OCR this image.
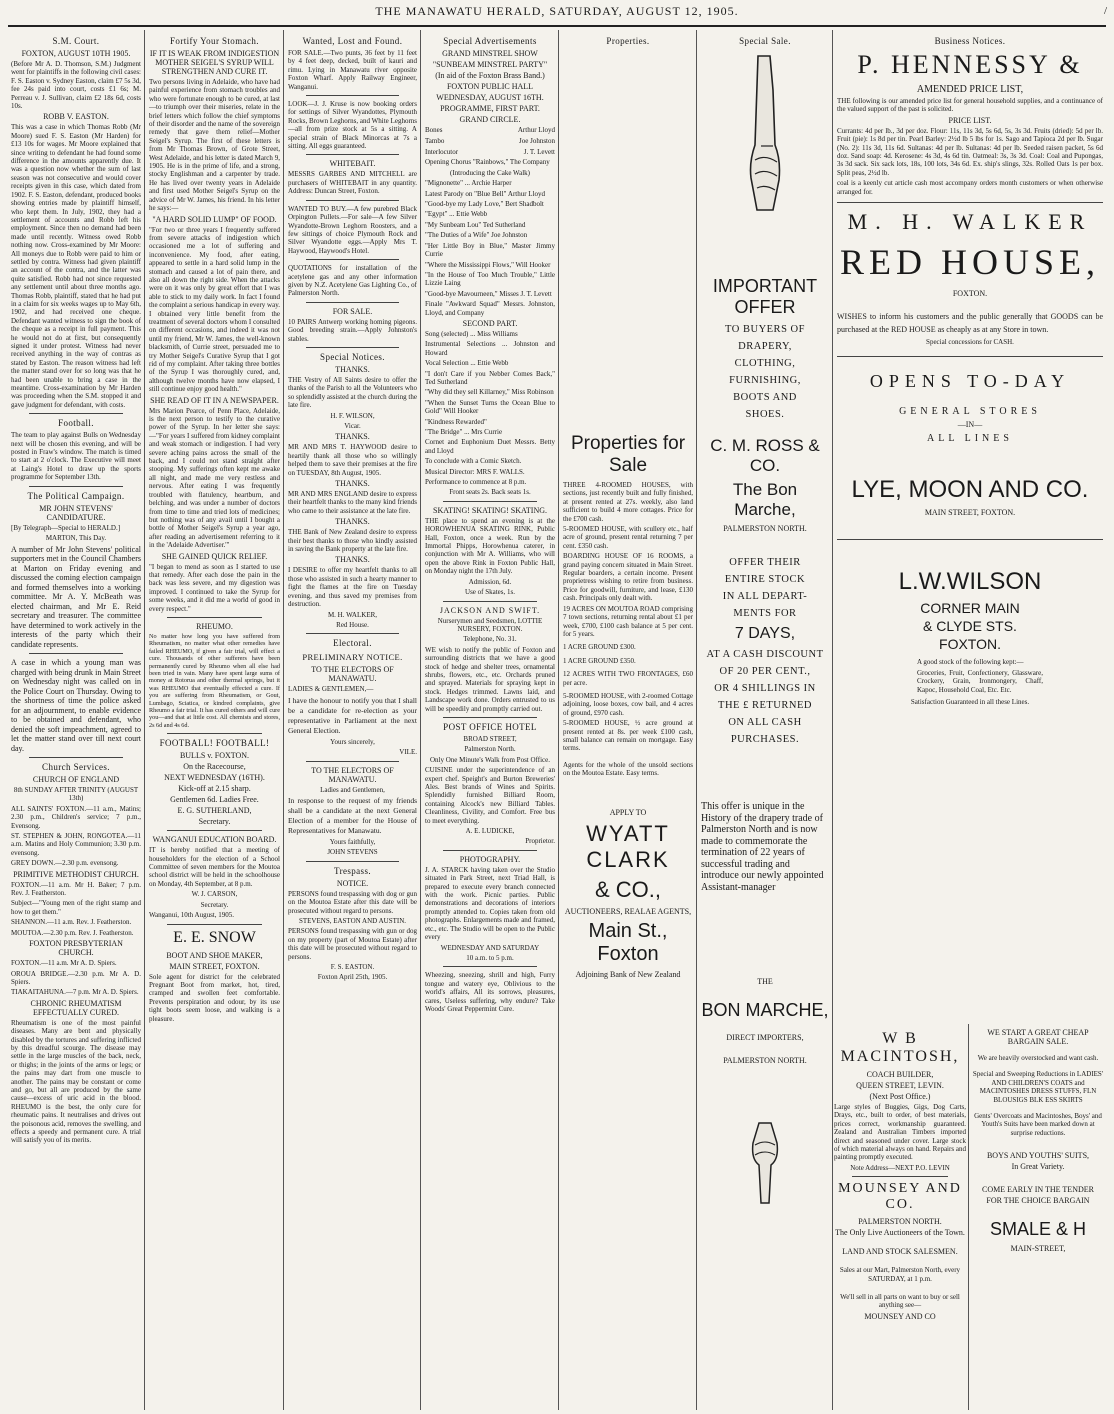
THE MANAWATU HERALD, SATURDAY, AUGUST 12, 1905.	/
S.M. Court.
FOXTON, AUGUST 10TH 1905.

(Before Mr A. D. Thomson, S.M.) Judgment went for plaintiffs in the following civil cases: F. S. Easton v. Sydney Easton, claim £7 5s 3d, fee 24s paid into court, costs £1 6s; M. Perreau v. J. Sullivan, claim £2 18s 6d, costs 10s.

ROBB V. EASTON.

This was a case in which Thomas Robb (Mr Moore) sued F. S. Easton (Mr Harden) for £13 10s for wages. Mr Moore explained that since writing to defendant he had found some difference in the amounts apparently due. It was a question now whether the sum of last season was not consecutive and would cover receipts given in this case, which dated from 1902. F. S. Easton, defendant, produced books showing entries made by plaintiff himself, who kept them. In July, 1902, they had a settlement of accounts and Robb left his employment. Since then no demand had been made until recently. Witness owed Robb nothing now. Cross-examined by Mr Moore: All moneys due to Robb were paid to him or settled by contra. Witness had given plaintiff an account of the contra, and the latter was quite satisfied. Robb had not since requested any settlement until about three months ago. Thomas Robb, plaintiff, stated that he had put in a claim for six weeks wages up to May 6th, 1902, and had received one cheque. Defendant wanted witness to sign the book of the cheque as a receipt in full payment. This he would not do at first, but consequently signed it under protest. Witness had never received anything in the way of contras as stated by Easton. The reason witness had left the matter stand over for so long was that he had been unable to bring a case in the meantime. Cross-examination by Mr Harden was proceeding when the S.M. stopped it and gave judgment for defendant, with costs.

Football.

The team to play against Bulls on Wednesday next will be chosen this evening, and will be posted in Fraw's window. The match is timed to start at 2 o'clock. The Executive will meet at Laing's Hotel to draw up the sports programme for September 13th.

The Political Campaign.
MR JOHN STEVENS' CANDIDATURE.

[By Telegraph—Special to HERALD.]

MARTON, This Day.

A number of Mr John Stevens' political supporters met in the Council Chambers at Marton on Friday evening and discussed the coming election campaign and formed themselves into a working committee. Mr A. Y. McBeath was elected chairman, and Mr E. Reid secretary and treasurer. The committee have determined to work actively in the interests of the party which their candidate represents.

A case in which a young man was charged with being drunk in Main Street on Wednesday night was called on in the Police Court on Thursday. Owing to the shortness of time the police asked for an adjournment, to enable evidence to be obtained and defendant, who denied the soft impeachment, agreed to let the matter stand over till next court day.

Church Services.
CHURCH OF ENGLAND

8th SUNDAY AFTER TRINITY (AUGUST 13th)

ALL SAINTS' FOXTON.—11 a.m., Matins; 2.30 p.m., Children's service; 7 p.m., Evensong.

ST. STEPHEN & JOHN, RONGOTEA.—11 a.m. Matins and Holy Communion; 3.30 p.m. evensong.

GREY DOWN.—2.30 p.m. evensong.

PRIMITIVE METHODIST CHURCH.

FOXTON.—11 a.m. Mr H. Baker; 7 p.m. Rev. J. Featherston.

Subject—"Young men of the right stamp and how to get them."

SHANNON.—11 a.m. Rev. J. Featherston.

MOUTOA.—2.30 p.m. Rev. J. Featherston.

FOXTON PRESBYTERIAN CHURCH.

FOXTON.—11 a.m. Mr A. D. Spiers.

OROUA BRIDGE.—2.30 p.m. Mr A. D. Spiers.

TIAKAITAHUNA.—7 p.m. Mr A. D. Spiers.

CHRONIC RHEUMATISM EFFECTUALLY CURED.

Rheumatism is one of the most painful diseases. Many are bent and physically disabled by the tortures and suffering inflicted by this dreadful scourge. The disease may settle in the large muscles of the back, neck, or thighs; in the joints of the arms or legs; or the pains may dart from one muscle to another. The pains may be constant or come and go, but all are produced by the same cause—excess of uric acid in the blood. RHEUMO is the best, the only cure for rheumatic pains. It neutralises and drives out the poisonous acid, removes the swelling, and effects a speedy and permanent cure. A trial will satisfy you of its merits.

Fortify Your Stomach.
IF IT IS WEAK FROM INDIGESTION MOTHER SEIGEL'S SYRUP WILL STRENGTHEN AND CURE IT.

Two persons living in Adelaide, who have had painful experience from stomach troubles and who were fortunate enough to be cured, at last —to triumph over their miseries, relate in the brief letters which follow the chief symptoms of their disorder and the name of the sovereign remedy that gave them relief—Mother Seigel's Syrup. The first of these letters is from Mr Thomas Brown, of Grote Street, West Adelaide, and his letter is dated March 9, 1905. He is in the prime of life, and a strong, stocky Englishman and a carpenter by trade. He has lived over twenty years in Adelaide and first used Mother Seigel's Syrup on the advice of Mr W. James, his friend. In his letter he says:—

"A HARD SOLID LUMP" OF FOOD.

"For two or three years I frequently suffered from severe attacks of indigestion which occasioned me a lot of suffering and inconvenience. My food, after eating, appeared to settle in a hard solid lump in the stomach and caused a lot of pain there, and also all down the right side. When the attacks were on it was only by great effort that I was able to stick to my daily work. In fact I found the complaint a serious handicap in every way. I obtained very little benefit from the treatment of several doctors whom I consulted on different occasions, and indeed it was not until my friend, Mr W. James, the well-known blacksmith, of Currie street, persuaded me to try Mother Seigel's Curative Syrup that I got rid of my complaint. After taking three bottles of the Syrup I was thoroughly cured, and, although twelve months have now elapsed, I still continue enjoy good health."

SHE READ OF IT IN A NEWSPAPER.

Mrs Marion Pearce, of Penn Place, Adelaide, is the next person to testify to the curative power of the Syrup. In her letter she says:—"For years I suffered from kidney complaint and weak stomach or indigestion. I had very severe aching pains across the small of the back, and I could not stand straight after stooping. My sufferings often kept me awake all night, and made me very restless and nervous. After eating I was frequently troubled with flatulency, heartburn, and belching, and was under a number of doctors from time to time and tried lots of medicines; but nothing was of any avail until I bought a bottle of Mother Seigel's Syrup a year ago, after reading an advertisement referring to it in the 'Adelaide Advertiser.'"

SHE GAINED QUICK RELIEF.

"I began to mend as soon as I started to use that remedy. After each dose the pain in the back was less severe, and my digestion was improved. I continued to take the Syrup for some weeks, and it did me a world of good in every respect."

RHEUMO.

No matter how long you have suffered from Rheumatism, no matter what other remedies have failed RHEUMO, if given a fair trial, will effect a cure. Thousands of other sufferers have been permanently cured by Rheumo when all else had been tried in vain. Many have spent large sums of money at Rotorua and other thermal springs, but it was RHEUMO that eventually effected a cure. If you are suffering from Rheumatism, or Gout, Lumbago, Sciatica, or kindred complaints, give Rheumo a fair trial. It has cured others and will cure you—and that at little cost. All chemists and stores, 2s 6d and 4s 6d.

FOOTBALL! FOOTBALL!
BULLS v. FOXTON.
On the Racecourse,
NEXT WEDNESDAY (16TH).
Kick-off at 2.15 sharp.
Gentlemen 6d. Ladies Free.
E. G. SUTHERLAND,
Secretary.
WANGANUI EDUCATION BOARD.

IT is hereby notified that a meeting of householders for the election of a School Committee of seven members for the Moutoa school district will be held in the schoolhouse on Monday, 4th September, at 8 p.m.

W. J. CARSON,

Secretary.

Wanganui, 10th August, 1905.

E. E. SNOW
BOOT AND SHOE MAKER,
MAIN STREET, FOXTON.

Sole agent for district for the celebrated Pregnant Boot from market, hot, tired, cramped and swollen feet comfortable. Prevents perspiration and odour, by its use tight boots seem loose, and walking is a pleasure.

Wanted, Lost and Found.

FOR SALE.—Two punts, 36 feet by 11 feet by 4 feet deep, decked, built of kauri and rimu. Lying in Manawatu river opposite Foxton Wharf. Apply Railway Engineer, Wanganui.

LOOK—J. J. Kruse is now booking orders for settings of Silver Wyandottes, Plymouth Rocks, Brown Leghorns, and White Leghorns—all from prize stock at 5s a sitting. A special strain of Black Minorcas at 7s a sitting. All eggs guaranteed.

WHITEBAIT.

MESSRS GARBES AND MITCHELL are purchasers of WHITEBAIT in any quantity. Address: Duncan Street, Foxton.

WANTED TO BUY.—A few purebred Black Orpington Pullets.—For sale—A few Silver Wyandotte-Brown Leghorn Roosters, and a few sittings of choice Plymouth Rock and Silver Wyandotte eggs.—Apply Mrs T. Haywood, Haywood's Hotel.

QUOTATIONS for installation of the acetylene gas and any other information given by N.Z. Acetylene Gas Lighting Co., of Palmerston North.

FOR SALE.

10 PAIRS Antwerp working homing pigeons. Good breeding strain.—Apply Johnston's stables.

Special Notices.
THANKS.

THE Vestry of All Saints desire to offer the thanks of the Parish to all the Volunteers who so splendidly assisted at the church during the late fire.

H. F. WILSON,

Vicar.

THANKS.

MR AND MRS T. HAYWOOD desire to heartily thank all those who so willingly helped them to save their premises at the fire on TUESDAY, 8th August, 1905.

THANKS.

MR AND MRS ENGLAND desire to express their heartfelt thanks to the many kind friends who came to their assistance at the late fire.

THANKS.

THE Bank of New Zealand desire to express their best thanks to those who kindly assisted in saving the Bank property at the late fire.

THANKS.

I DESIRE to offer my heartfelt thanks to all those who assisted in such a hearty manner to fight the flames at the fire on Tuesday evening, and thus saved my premises from destruction.

M. H. WALKER,

Red House.

Electoral.
PRELIMINARY NOTICE.
TO THE ELECTORS OF MANAWATU.

LADIES & GENTLEMEN,—

I have the honour to notify you that I shall be a candidate for re-election as your representative in Parliament at the next General Election.

Yours sincerely,

VILE.

TO THE ELECTORS OF MANAWATU.

Ladies and Gentlemen,

In response to the request of my friends shall be a candidate at the next General Election of a member for the House of Representatives for Manawatu.

Yours faithfully,

JOHN STEVENS

Trespass.
NOTICE.

PERSONS found trespassing with dog or gun on the Moutoa Estate after this date will be prosecuted without regard to persons.

STEVENS, EASTON AND AUSTIN.

PERSONS found trespassing with gun or dog on my property (part of Moutoa Estate) after this date will be prosecuted without regard to persons.

F. S. EASTON.

Foxton April 25th, 1905.

Special Advertisements
GRAND MINSTREL SHOW
"SUNBEAM MINSTREL PARTY"
(In aid of the Foxton Brass Band.)
FOXTON PUBLIC HALL
WEDNESDAY, AUGUST 16TH.
PROGRAMME, FIRST PART.
GRAND CIRCLE.

Bones	Arthur Lloyd

Tambo	Joe Johnston

Interlocutor	J. T. Levett

Opening Chorus "Rainbows," The Company

(Introducing the Cake Walk)

"Mignonette" ... Archie Harper

Latest Parody on "Blue Bell" Arthur Lloyd

"Good-bye my Lady Love," Bert Shadbolt

"Egypt" ... Ettie Webb

"My Sunbeam Lou" Ted Sutherland

"The Duties of a Wife" Joe Johnston

"Her Little Boy in Blue," Master Jimmy Currie

"Where the Mississippi Flows," Will Hooker

"In the House of Too Much Trouble," Little Lizzie Laing

"Good-bye Mavourneen," Misses J. T. Levett

Finale "Awkward Squad" Messrs. Johnston, Lloyd, and Company

SECOND PART.

Song (selected) ... Miss Williams

Instrumental Selections ... Johnston and Howard

Vocal Selection ... Ettie Webb

"I don't Care if you Nebber Comes Back," Ted Sutherland

"Why did they sell Killarney," Miss Robinson

"When the Sunset Turns the Ocean Blue to Gold" Will Hooker

"Kindness Rewarded"

"The Bridge" ... Mrs Currie

Cornet and Euphonium Duet Messrs. Betty and Lloyd

To conclude with a Comic Sketch.

Musical Director: MRS F. WALLS.

Performance to commence at 8 p.m.

Front seats 2s. Back seats 1s.

SKATING! SKATING! SKATING.

THE place to spend an evening is at the HOROWHENUA SKATING RINK, Public Hall, Foxton, once a week. Run by the Immortal Phipps, Horowhenua caterer, in conjunction with Mr A. Williams, who will open the above Rink in Foxton Public Hall, on Monday night the 17th July.

Admission, 6d.

Use of Skates, 1s.

JACKSON AND SWIFT.

Nurserymen and Seedsmen, LOTTIE NURSERY, FOXTON.

Telephone, No. 31.

WE wish to notify the public of Foxton and surrounding districts that we have a good stock of hedge and shelter trees, ornamental shrubs, flowers, etc., etc. Orchards pruned and sprayed. Materials for spraying kept in stock. Hedges trimmed. Lawns laid, and Landscape work done. Orders entrusted to us will be speedily and promptly carried out.

POST OFFICE HOTEL

BROAD STREET,

Palmerston North.

Only One Minute's Walk from Post Office.

CUISINE under the superintendence of an expert chef. Speight's and Burton Breweries' Ales. Best brands of Wines and Spirits. Splendidly furnished Billiard Room, containing Alcock's new Billiard Tables. Cleanliness, Civility, and Comfort. Free bus to meet everything.

A. E. LUDICKE,

Proprietor.

PHOTOGRAPHY.

J. A. STARCK having taken over the Studio situated in Park Street, next Triad Hall, is prepared to execute every branch connected with the work. Picnic parties. Public demonstrations and decorations of interiors promptly attended to. Copies taken from old photographs. Enlargements made and framed, etc., etc. The Studio will be open to the Public every

WEDNESDAY AND SATURDAY

10 a.m. to 5 p.m.

Wheezing, sneezing, shrill and high, Furry tongue and watery eye, Oblivious to the world's affairs, All its sorrows, pleasures, cares, Useless suffering, why endure? Take Woods' Great Peppermint Cure.

Properties.
Properties for Sale

THREE 4-ROOMED HOUSES, with sections, just recently built and fully finished, at present rented at 27s. weekly, also land sufficient to build 4 more cottages. Price for the £700 cash.

5-ROOMED HOUSE, with scullery etc., half acre of ground, present rental returning 7 per cent. £350 cash.

BOARDING HOUSE OF 16 ROOMS, a grand paying concern situated in Main Street. Regular boarders, a certain income. Present proprietress wishing to retire from business. Price for goodwill, furniture, and lease, £130 cash. Principals only dealt with.

19 ACRES ON MOUTOA ROAD comprising 7 town sections, returning rental about £1 per week, £700, £100 cash balance at 5 per cent. for 5 years.

1 ACRE GROUND £300.

1 ACRE GROUND £350.

12 ACRES WITH TWO FRONTAGES, £60 per acre.

5-ROOMED HOUSE, with 2-roomed Cottage adjoining, loose boxes, cow bail, and 4 acres of ground, £970 cash.

5-ROOMED HOUSE, ½ acre ground at present rented at 8s. per week £100 cash, small balance can remain on mortgage. Easy terms.

Agents for the whole of the unsold sections on the Moutoa Estate. Easy terms.

APPLY TO
WYATT CLARK
& CO.,
AUCTIONEERS, REALAE AGENTS,
Main St., Foxton
Adjoining Bank of New Zealand
Special Sale.
IMPORTANT OFFER
TO BUYERS OF
DRAPERY,
CLOTHING,
FURNISHING,
BOOTS AND
SHOES.
C. M. ROSS & CO.
The Bon Marche,
PALMERSTON NORTH.
OFFER THEIR
ENTIRE STOCK
IN ALL DEPART-
MENTS FOR
7 DAYS,
AT A CASH DISCOUNT
OF 20 PER CENT.,
OR 4 SHILLINGS IN
THE £ RETURNED
ON ALL CASH
PURCHASES.

This offer is unique in the History of the drapery trade of Palmerston North and is now made to commemorate the termination of 22 years of successful trading and introduce our newly appointed Assistant-manager

THE
BON MARCHE,
DIRECT IMPORTERS,
PALMERSTON NORTH.
Business Notices.
P. HENNESSY &
AMENDED PRICE LIST,

THE following is our amended price list for general household supplies, and a continuance of the valued support of the past is solicited.

PRICE LIST.

Currants: 4d per lb., 3d per doz. Flour: 11s, 11s 3d, 5s 6d, 5s, 3s 3d. Fruits (dried): 5d per lb. Fruit (pie): 1s 8d per tin. Pearl Barley: 2½d lb 5 lbs for 1s. Sago and Tapioca 2d per lb. Sugar (No. 2): 11s 3d, 11s 6d. Sultanas: 4d per lb. Sultanas: 4d per lb. Seeded raisen packet, 5s 6d doz. Sand soap: 4d. Kerosene: 4s 3d, 4s 6d tin. Oatmeal: 3s, 3s 3d. Coal: Coal and Pupongas, 3s 3d sack. Six sack lots, 18s, 100 lots, 34s 6d. Ex. ship's slings, 32s. Rolled Oats 1s per box. Split peas, 2½d lb.

coal is a keenly cut article cash most accompany orders month customers or when otherwise arranged for.

M. H. WALKER
RED HOUSE,
FOXTON.

WISHES to inform his customers and the public generally that GOODS can be purchased at the RED HOUSE as cheaply as at any Store in town.

Special concessions for CASH.

OPENS TO-DAY
GENERAL STORES
—IN—
ALL LINES
LYE, MOON AND CO.
MAIN STREET, FOXTON.
L.W.WILSON
CORNER MAIN
& CLYDE STS.
FOXTON.

A good stock of the following kept:—

Groceries, Fruit, Confectionery, Glassware, Crockery, Grain, Ironmongery, Chaff, Kapoc, Household Coal, Etc. Etc.

Satisfaction Guaranteed in all these Lines.

W B MACINTOSH,
COACH BUILDER,
QUEEN STREET, LEVIN.
(Next Post Office.)

Large styles of Buggies, Gigs, Dog Carts, Drays, etc., built to order, of best materials, prices correct, workmanship guaranteed. Zealand and Australian Timbers imported direct and seasoned under cover. Large stock of which material always on hand. Repairs and painting promptly executed.

Note Address—NEXT P.O. LEVIN

MOUNSEY AND CO.
PALMERSTON NORTH.
The Only Live Auctioneers of the Town.
LAND AND STOCK SALESMEN.

Sales at our Mart, Palmerston North, every SATURDAY, at 1 p.m.

We'll sell in all parts on want to buy or sell anything see—

MOUNSEY AND CO
WE START A GREAT CHEAP BARGAIN SALE.

We are heavily overstocked and want cash.

Special and Sweeping Reductions in LADIES' AND CHILDREN'S COATS and MACINTOSHES DRESS STUFFS, FLN BLOUSIGS BLK ESS SKIRTS

Gents' Overcoats and Macintoshes, Boys' and Youth's Suits have been marked down at surprise reductions.

BOYS AND YOUTHS' SUITS,
In Great Variety.
COME EARLY IN THE TENDER
FOR THE CHOICE BARGAIN
SMALE & H
MAIN-STREET,
